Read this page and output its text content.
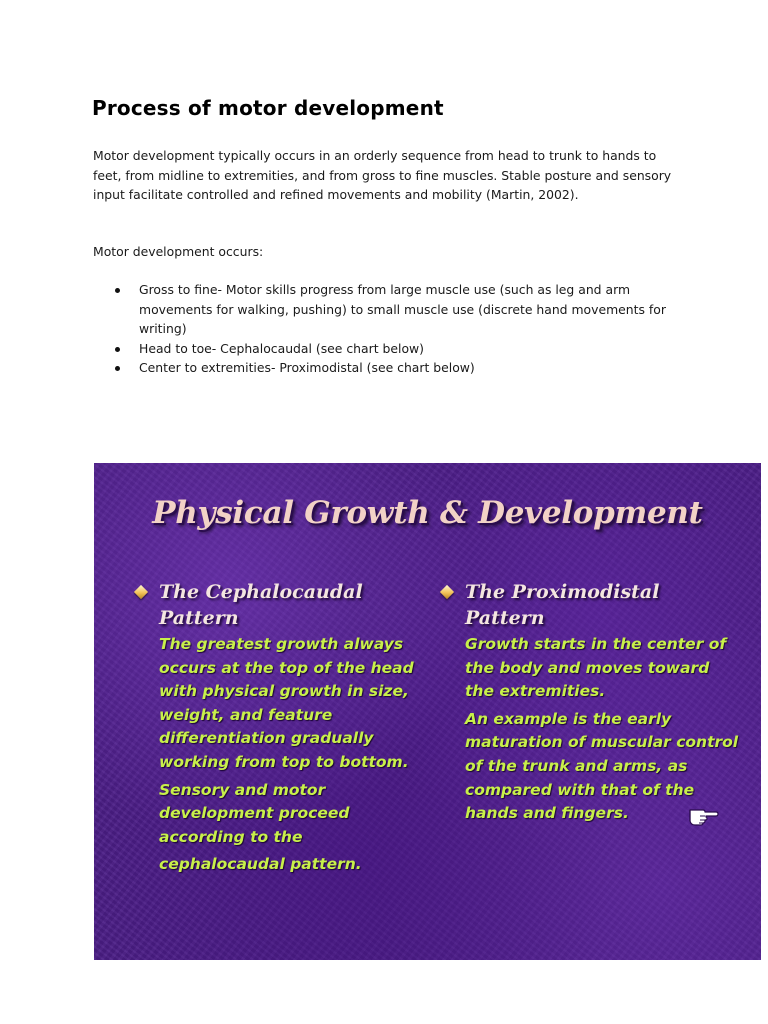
Process of motor development

Motor development typically occurs in an orderly sequence from head to trunk to hands to feet, from midline to extremities, and from gross to fine muscles. Stable posture and sensory input facilitate controlled and refined movements and mobility (Martin, 2002).

Motor development occurs:

Gross to fine- Motor skills progress from large muscle use (such as leg and arm movements for walking, pushing) to small muscle use (discrete hand movements for writing)
Head to toe- Cephalocaudal (see chart below)
Center to extremities- Proximodistal (see chart below)
Physical Growth & Development
The Cephalocaudal
Pattern

The greatest growth always occurs at the top of the head with physical growth in size, weight, and feature differentiation gradually working from top to bottom.

Sensory and motor development proceed according to the

cephalocaudal pattern.

The Proximodistal
Pattern

Growth starts in the center of the body and moves toward the extremities.

An example is the early maturation of muscular control of the trunk and arms, as compared with that of the hands and fingers.
